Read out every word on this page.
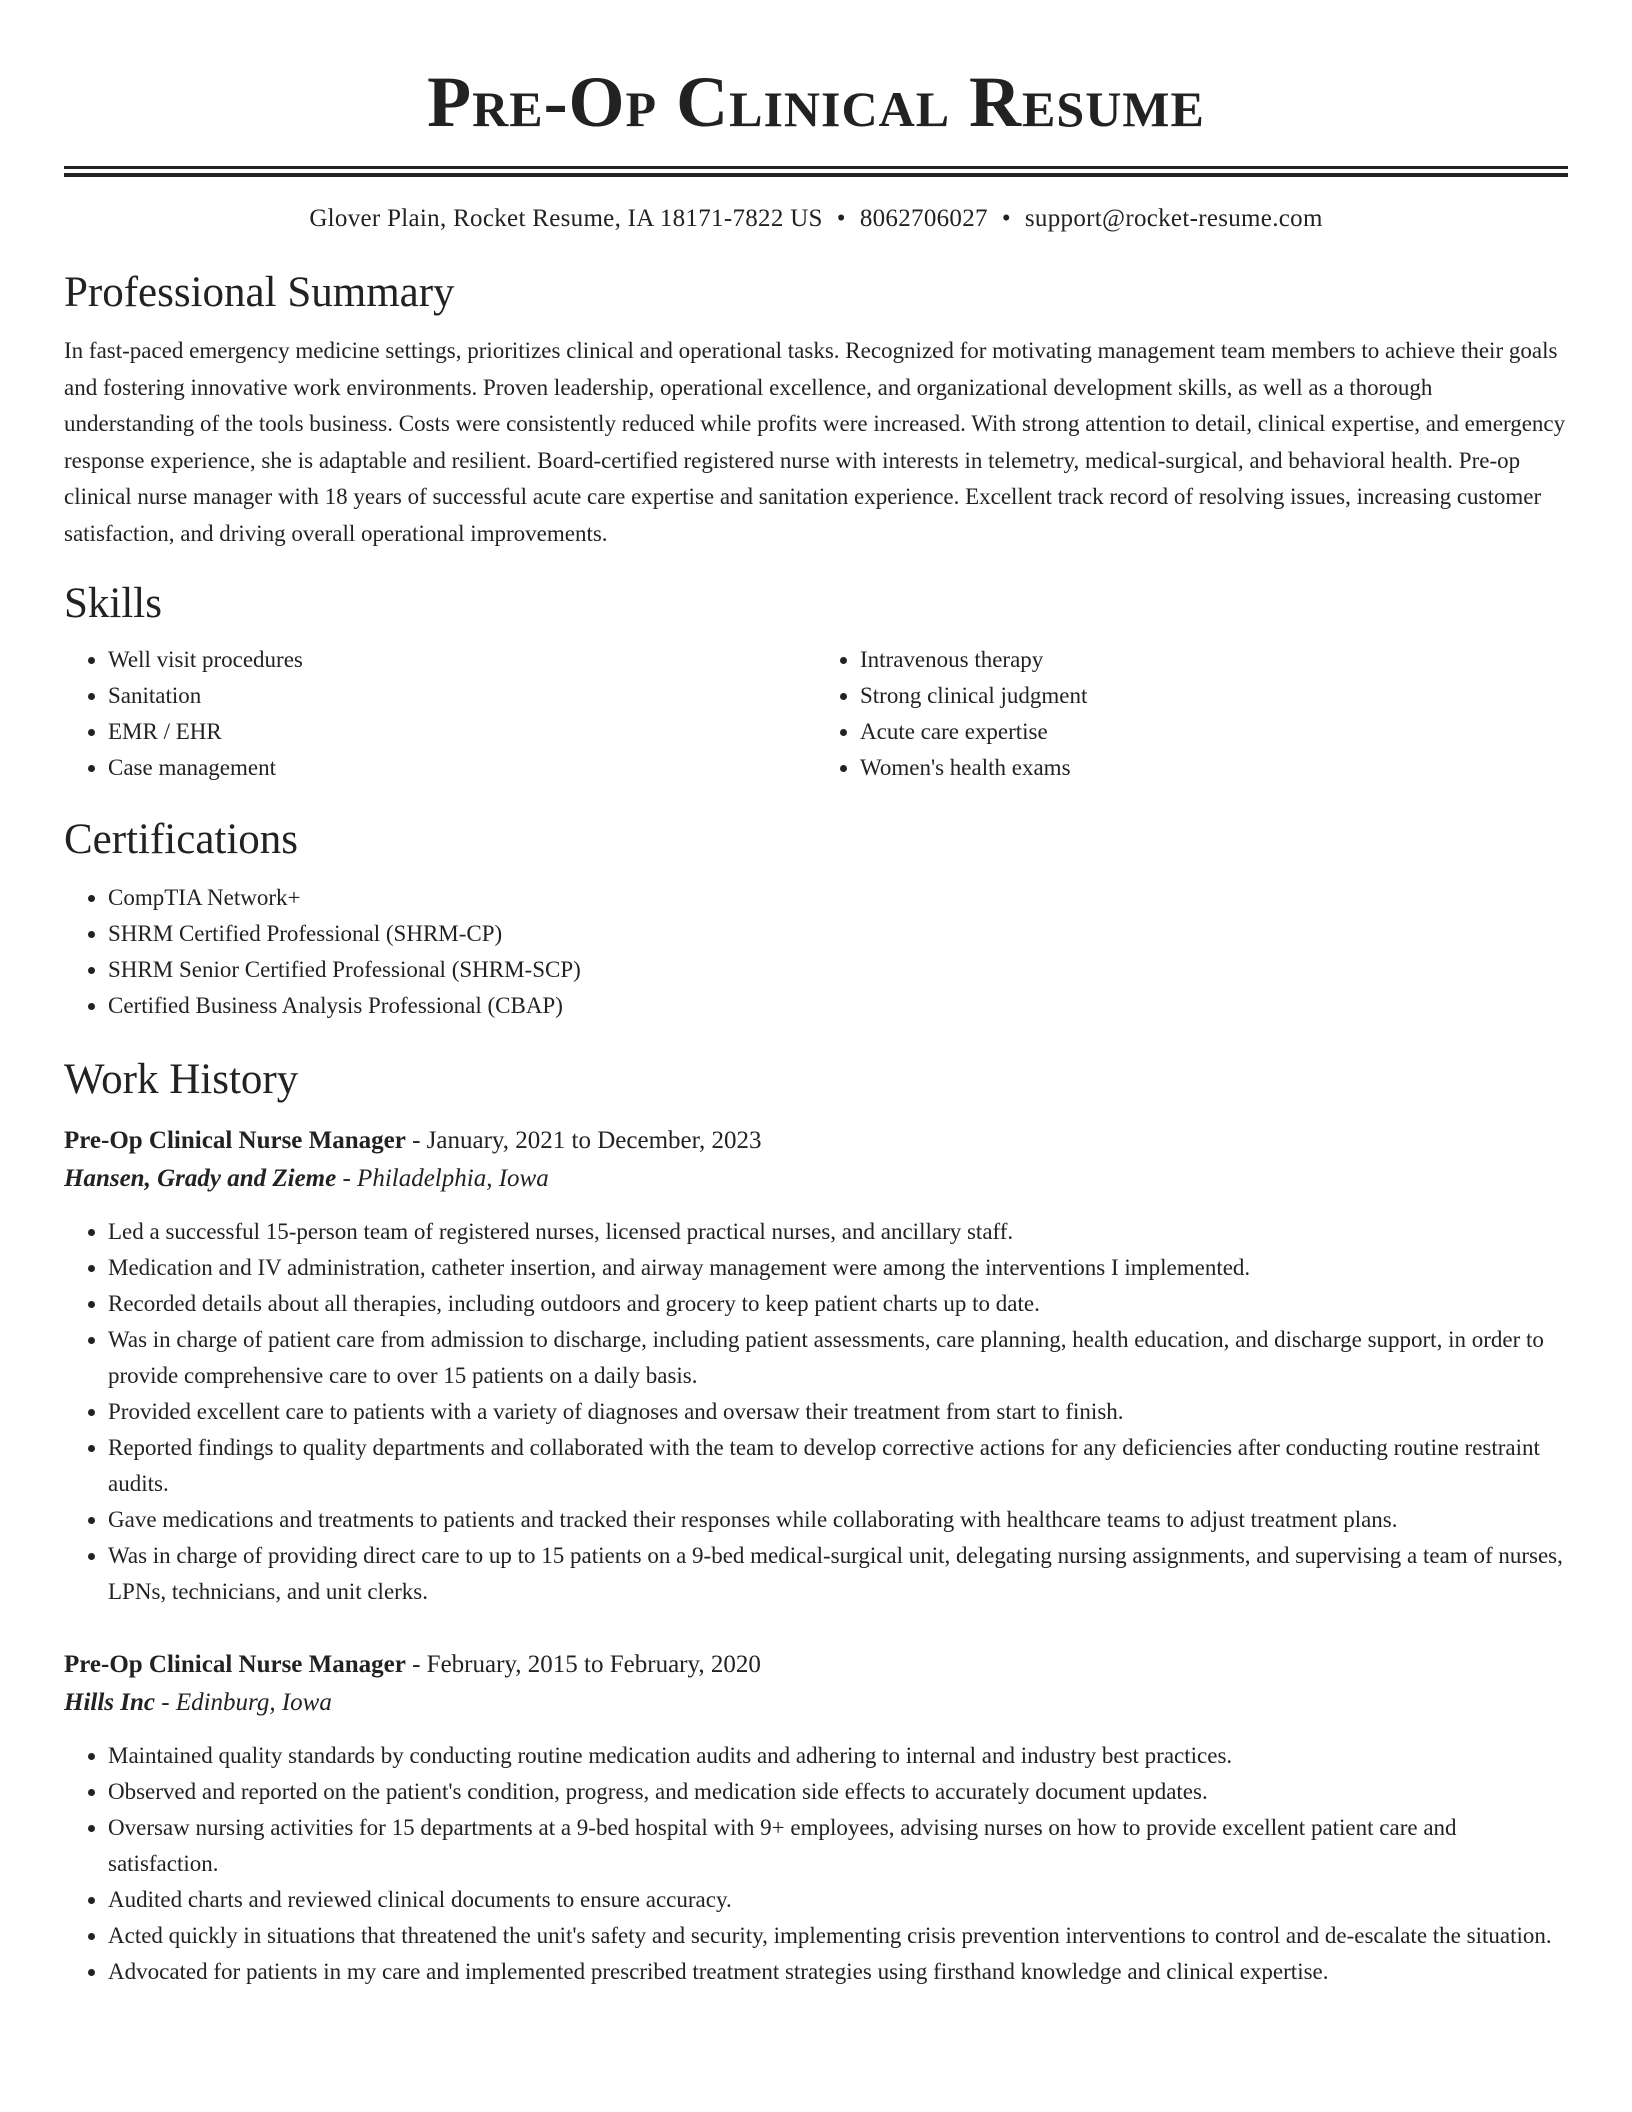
Pre-Op Clinical Resume
Glover Plain, Rocket Resume, IA 18171-7822 US • 8062706027 • support@rocket-resume.com
Professional Summary

In fast-paced emergency medicine settings, prioritizes clinical and operational tasks. Recognized for motivating management team members to achieve their goals and fostering innovative work environments. Proven leadership, operational excellence, and organizational development skills, as well as a thorough understanding of the tools business. Costs were consistently reduced while profits were increased. With strong attention to detail, clinical expertise, and emergency response experience, she is adaptable and resilient. Board-certified registered nurse with interests in telemetry, medical-surgical, and behavioral health. Pre-op clinical nurse manager with 18 years of successful acute care expertise and sanitation experience. Excellent track record of resolving issues, increasing customer satisfaction, and driving overall operational improvements.

Skills
• Well visit procedures
• Sanitation
• EMR / EHR
• Case management
• Intravenous therapy
• Strong clinical judgment
• Acute care expertise
• Women's health exams
Certifications
• CompTIA Network+
• SHRM Certified Professional (SHRM-CP)
• SHRM Senior Certified Professional (SHRM-SCP)
• Certified Business Analysis Professional (CBAP)
Work History
Pre-Op Clinical Nurse Manager - January, 2021 to December, 2023
Hansen, Grady and Zieme - Philadelphia, Iowa
• Led a successful 15-person team of registered nurses, licensed practical nurses, and ancillary staff.
• Medication and IV administration, catheter insertion, and airway management were among the interventions I implemented.
• Recorded details about all therapies, including outdoors and grocery to keep patient charts up to date.
• Was in charge of patient care from admission to discharge, including patient assessments, care planning, health education, and discharge support, in order to provide comprehensive care to over 15 patients on a daily basis.
• Provided excellent care to patients with a variety of diagnoses and oversaw their treatment from start to finish.
• Reported findings to quality departments and collaborated with the team to develop corrective actions for any deficiencies after conducting routine restraint audits.
• Gave medications and treatments to patients and tracked their responses while collaborating with healthcare teams to adjust treatment plans.
• Was in charge of providing direct care to up to 15 patients on a 9-bed medical-surgical unit, delegating nursing assignments, and supervising a team of nurses, LPNs, technicians, and unit clerks.
Pre-Op Clinical Nurse Manager - February, 2015 to February, 2020
Hills Inc - Edinburg, Iowa
• Maintained quality standards by conducting routine medication audits and adhering to internal and industry best practices.
• Observed and reported on the patient's condition, progress, and medication side effects to accurately document updates.
• Oversaw nursing activities for 15 departments at a 9-bed hospital with 9+ employees, advising nurses on how to provide excellent patient care and satisfaction.
• Audited charts and reviewed clinical documents to ensure accuracy.
• Acted quickly in situations that threatened the unit's safety and security, implementing crisis prevention interventions to control and de-escalate the situation.
• Advocated for patients in my care and implemented prescribed treatment strategies using firsthand knowledge and clinical expertise.
